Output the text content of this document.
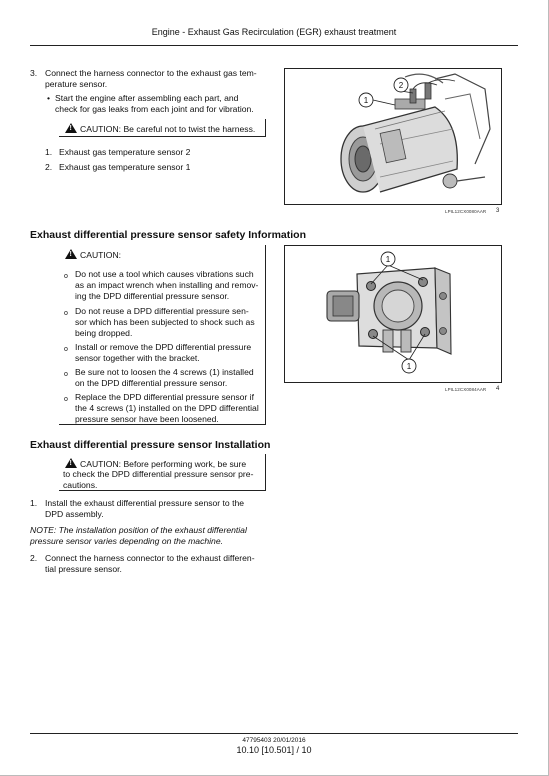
Engine - Exhaust Gas Recirculation (EGR) exhaust treatment
3. Connect the harness connector to the exhaust gas tem-
perature sensor.
• Start the engine after assembling each part, and
check for gas leaks from each joint and for vibration.
!CAUTION: Be careful not to twist the harness.
1. Exhaust gas temperature sensor 2
2. Exhaust gas temperature sensor 1
1
2
LPIL12CX0080AAR 3
Exhaust differential pressure sensor safety Information
!CAUTION:
o Do not use a tool which causes vibrations such
as an impact wrench when installing and remov-
ing the DPD differential pressure sensor.
o Do not reuse a DPD differential pressure sen-
sor which has been subjected to shock such as
being dropped.
o Install or remove the DPD differential pressure
sensor together with the bracket.
o Be sure not to loosen the 4 screws (1) installed
on the DPD differential pressure sensor.
o Replace the DPD differential pressure sensor if
the 4 screws (1) installed on the DPD differential
pressure sensor have been loosened.
1
1
LPIL12CX0084AAR 4
Exhaust differential pressure sensor Installation
!CAUTION: Before performing work, be sure
to check the DPD differential pressure sensor pre-
cautions.
1. Install the exhaust differential pressure sensor to the
DPD assembly.
NOTE: The installation position of the exhaust differential
pressure sensor varies depending on the machine.
2. Connect the harness connector to the exhaust differen-
tial pressure sensor.
47795403 20/01/2016
10.10 [10.501] / 10
